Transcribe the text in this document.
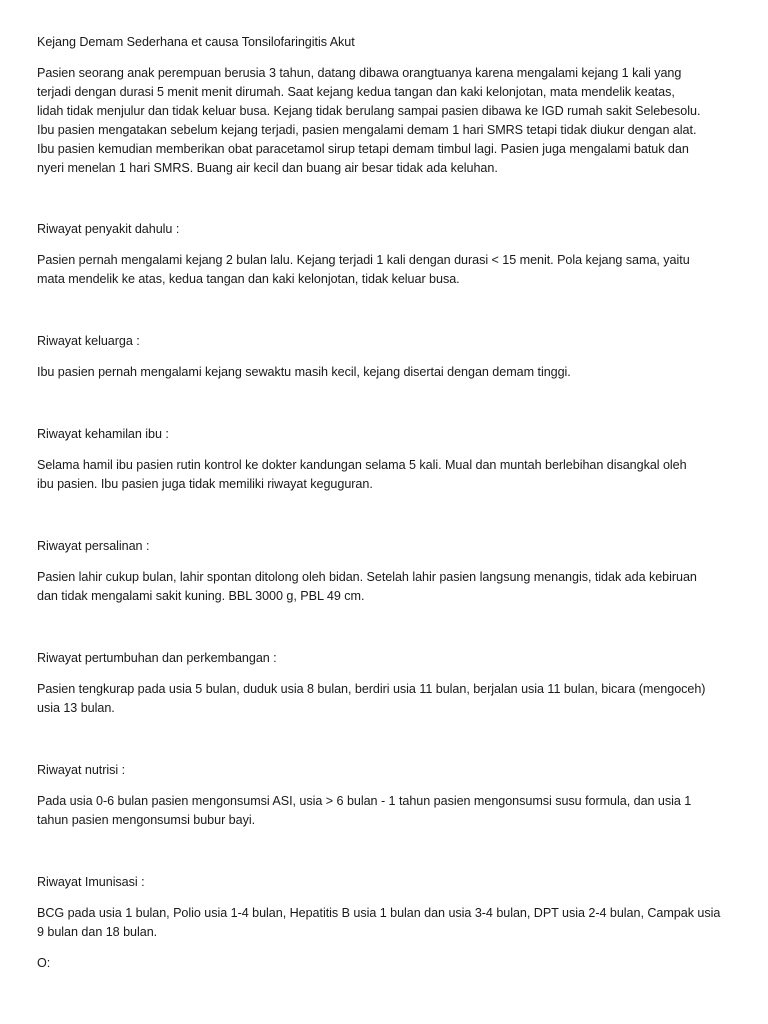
Kejang Demam Sederhana et causa Tonsilofaringitis Akut
Pasien seorang anak perempuan berusia 3 tahun, datang dibawa orangtuanya karena mengalami kejang 1 kali yang
terjadi dengan durasi 5 menit menit dirumah. Saat kejang kedua tangan dan kaki kelonjotan, mata mendelik keatas,
lidah tidak menjulur dan tidak keluar busa. Kejang tidak berulang sampai pasien dibawa ke IGD rumah sakit Selebesolu.
Ibu pasien mengatakan sebelum kejang terjadi, pasien mengalami demam 1 hari SMRS tetapi tidak diukur dengan alat.
Ibu pasien kemudian memberikan obat paracetamol sirup tetapi demam timbul lagi. Pasien juga mengalami batuk dan
nyeri menelan 1 hari SMRS. Buang air kecil dan buang air besar tidak ada keluhan.
Riwayat penyakit dahulu :
Pasien pernah mengalami kejang 2 bulan lalu. Kejang terjadi 1 kali dengan durasi < 15 menit. Pola kejang sama, yaitu
mata mendelik ke atas, kedua tangan dan kaki kelonjotan, tidak keluar busa.
Riwayat keluarga :
Ibu pasien pernah mengalami kejang sewaktu masih kecil, kejang disertai dengan demam tinggi.
Riwayat kehamilan ibu :
Selama hamil ibu pasien rutin kontrol ke dokter kandungan selama 5 kali. Mual dan muntah berlebihan disangkal oleh
ibu pasien. Ibu pasien juga tidak memiliki riwayat keguguran.
Riwayat persalinan :
Pasien lahir cukup bulan, lahir spontan ditolong oleh bidan. Setelah lahir pasien langsung menangis, tidak ada kebiruan
dan tidak mengalami sakit kuning. BBL 3000 g, PBL 49 cm.
Riwayat pertumbuhan dan perkembangan :
Pasien tengkurap pada usia 5 bulan, duduk usia 8 bulan, berdiri usia 11 bulan, berjalan usia 11 bulan, bicara (mengoceh)
usia 13 bulan.
Riwayat nutrisi :
Pada usia 0-6 bulan pasien mengonsumsi ASI, usia > 6 bulan - 1 tahun pasien mengonsumsi susu formula, dan usia 1
tahun pasien mengonsumsi bubur bayi.
Riwayat Imunisasi :
BCG pada usia 1 bulan, Polio usia 1-4 bulan, Hepatitis B usia 1 bulan dan usia 3-4 bulan, DPT usia 2-4 bulan, Campak usia
9 bulan dan 18 bulan.
O:
